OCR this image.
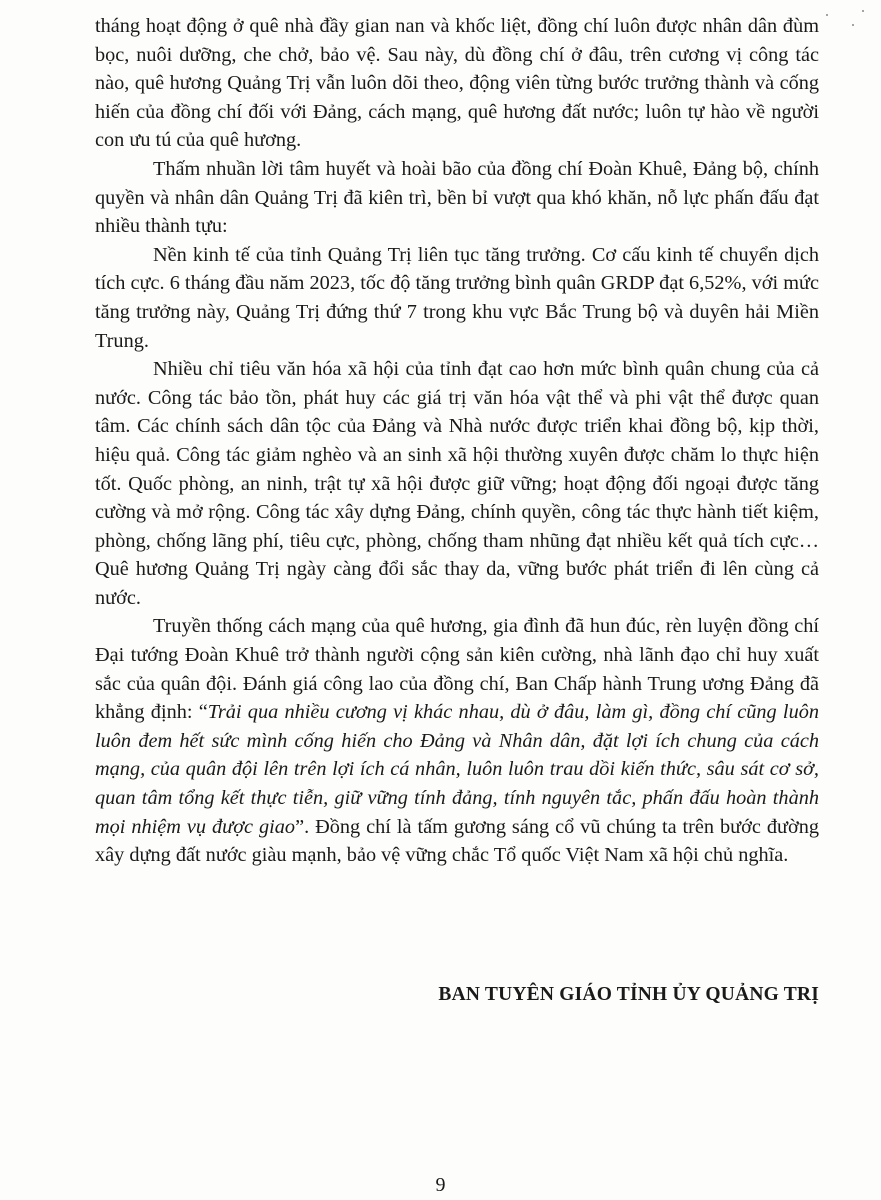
tháng hoạt động ở quê nhà đầy gian nan và khốc liệt, đồng chí luôn được nhân dân đùm bọc, nuôi dưỡng, che chở, bảo vệ. Sau này, dù đồng chí ở đâu, trên cương vị công tác nào, quê hương Quảng Trị vẫn luôn dõi theo, động viên từng bước trưởng thành và cống hiến của đồng chí đối với Đảng, cách mạng, quê hương đất nước; luôn tự hào về người con ưu tú của quê hương.

Thấm nhuần lời tâm huyết và hoài bão của đồng chí Đoàn Khuê, Đảng bộ, chính quyền và nhân dân Quảng Trị đã kiên trì, bền bỉ vượt qua khó khăn, nỗ lực phấn đấu đạt nhiều thành tựu:

Nền kinh tế của tỉnh Quảng Trị liên tục tăng trưởng. Cơ cấu kinh tế chuyển dịch tích cực. 6 tháng đầu năm 2023, tốc độ tăng trưởng bình quân GRDP đạt 6,52%, với mức tăng trưởng này, Quảng Trị đứng thứ 7 trong khu vực Bắc Trung bộ và duyên hải Miền Trung.

Nhiều chỉ tiêu văn hóa xã hội của tỉnh đạt cao hơn mức bình quân chung của cả nước. Công tác bảo tồn, phát huy các giá trị văn hóa vật thể và phi vật thể được quan tâm. Các chính sách dân tộc của Đảng và Nhà nước được triển khai đồng bộ, kịp thời, hiệu quả. Công tác giảm nghèo và an sinh xã hội thường xuyên được chăm lo thực hiện tốt. Quốc phòng, an ninh, trật tự xã hội được giữ vững; hoạt động đối ngoại được tăng cường và mở rộng. Công tác xây dựng Đảng, chính quyền, công tác thực hành tiết kiệm, phòng, chống lãng phí, tiêu cực, phòng, chống tham nhũng đạt nhiều kết quả tích cực… Quê hương Quảng Trị ngày càng đổi sắc thay da, vững bước phát triển đi lên cùng cả nước.

Truyền thống cách mạng của quê hương, gia đình đã hun đúc, rèn luyện đồng chí Đại tướng Đoàn Khuê trở thành người cộng sản kiên cường, nhà lãnh đạo chỉ huy xuất sắc của quân đội. Đánh giá công lao của đồng chí, Ban Chấp hành Trung ương Đảng đã khẳng định: “Trải qua nhiều cương vị khác nhau, dù ở đâu, làm gì, đồng chí cũng luôn luôn đem hết sức mình cống hiến cho Đảng và Nhân dân, đặt lợi ích chung của cách mạng, của quân đội lên trên lợi ích cá nhân, luôn luôn trau dồi kiến thức, sâu sát cơ sở, quan tâm tổng kết thực tiễn, giữ vững tính đảng, tính nguyên tắc, phấn đấu hoàn thành mọi nhiệm vụ được giao”. Đồng chí là tấm gương sáng cổ vũ chúng ta trên bước đường xây dựng đất nước giàu mạnh, bảo vệ vững chắc Tổ quốc Việt Nam xã hội chủ nghĩa.

BAN TUYÊN GIÁO TỈNH ỦY QUẢNG TRỊ
9
